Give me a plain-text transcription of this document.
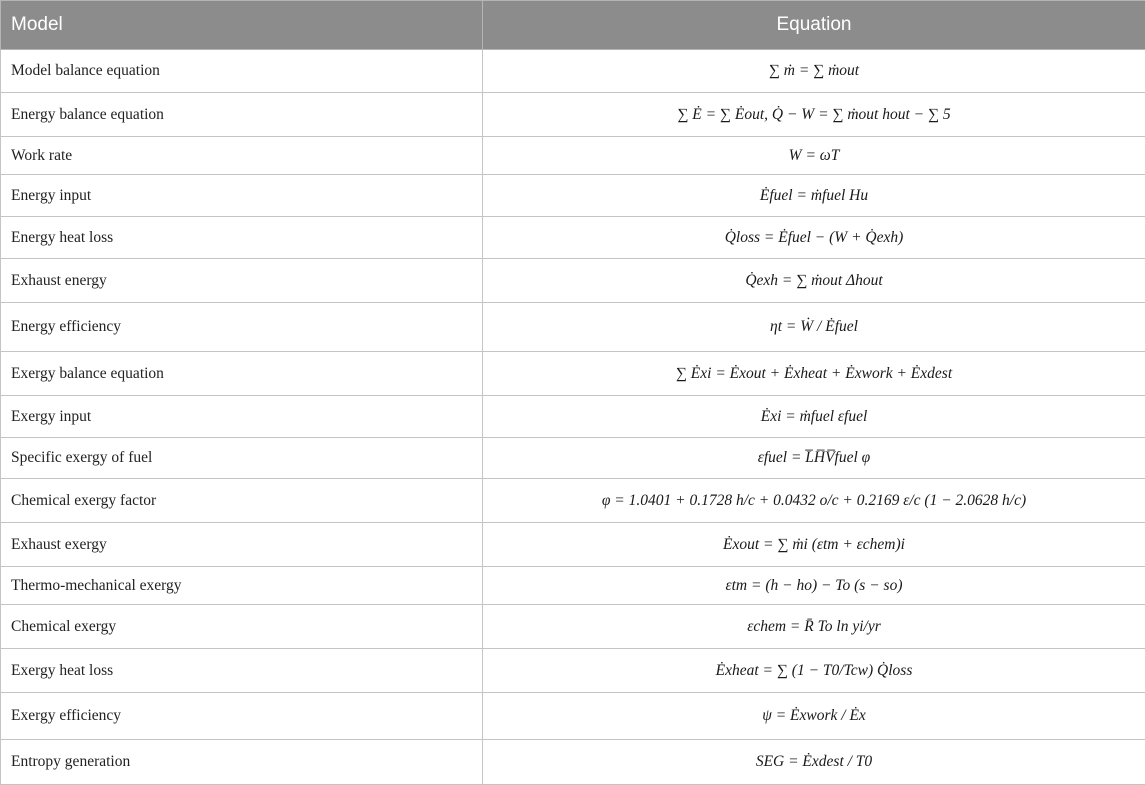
Model	Equation
Model balance equation	∑ ṁ = ∑ ṁout
Energy balance equation	∑ Ė = ∑ Ėout, Q̇ − W = ∑ ṁout hout − ∑ 5
Work rate	W = ωT
Energy input	Ėfuel = ṁfuel Hu
Energy heat loss	Q̇loss = Ėfuel − (W + Q̇exh)
Exhaust energy	Q̇exh = ∑ ṁout Δhout
Energy efficiency	ηt = Ẇ / Ėfuel
Exergy balance equation	∑ Ėxi = Ėxout + Ėxheat + Ėxwork + Ėxdest
Exergy input	Ėxi = ṁfuel εfuel
Specific exergy of fuel	εfuel = L̅H̅V̅fuel φ
Chemical exergy factor	φ = 1.0401 + 0.1728 h/c + 0.0432 o/c + 0.2169 ε/c (1 − 2.0628 h/c)
Exhaust exergy	Ėxout = ∑ ṁi (εtm + εchem)i
Thermo-mechanical exergy	εtm = (h − ho) − To (s − so)
Chemical exergy	εchem = R̄ To ln yi/yr
Exergy heat loss	Ėxheat = ∑ (1 − T0/Tcw) Q̇loss
Exergy efficiency	ψ = Ėxwork / Ėx
Entropy generation	SEG = Ėxdest / T0
